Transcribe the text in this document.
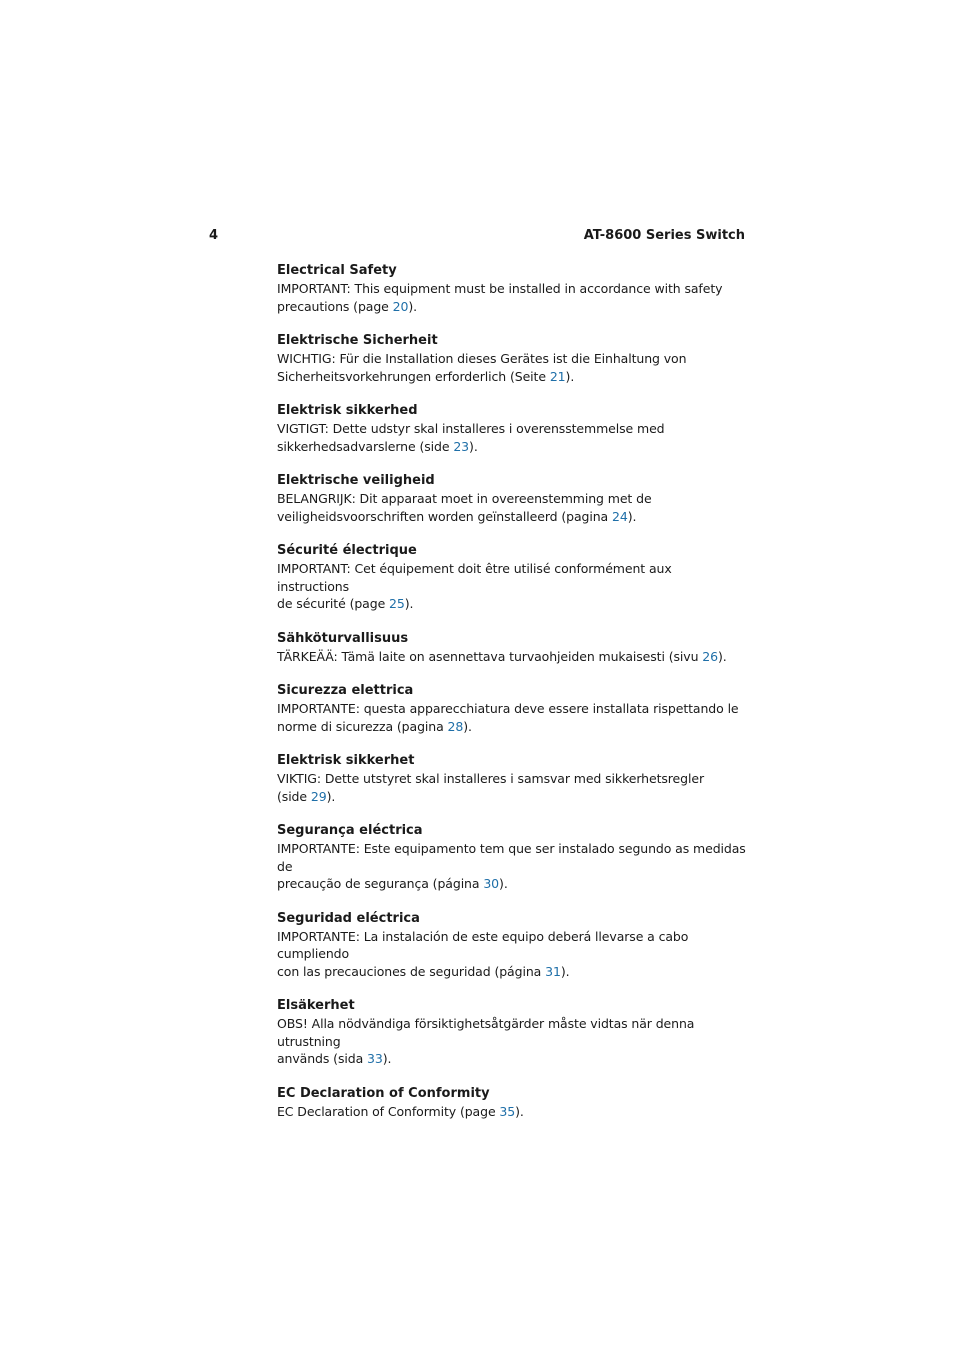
4	AT-8600 Series Switch
Electrical Safety
IMPORTANT: This equipment must be installed in accordance with safety
precautions (page 20).
Elektrische Sicherheit
WICHTIG: Für die Installation dieses Gerätes ist die Einhaltung von
Sicherheitsvorkehrungen erforderlich (Seite 21).
Elektrisk sikkerhed
VIGTIGT: Dette udstyr skal installeres i overensstemmelse med
sikkerhedsadvarslerne (side 23).
Elektrische veiligheid
BELANGRIJK: Dit apparaat moet in overeenstemming met de
veiligheidsvoorschriften worden geïnstalleerd (pagina 24).
Sécurité électrique
IMPORTANT: Cet équipement doit être utilisé conformément aux instructions
de sécurité (page 25).
Sähköturvallisuus
TÄRKEÄÄ: Tämä laite on asennettava turvaohjeiden mukaisesti (sivu 26).
Sicurezza elettrica
IMPORTANTE: questa apparecchiatura deve essere installata rispettando le
norme di sicurezza (pagina 28).
Elektrisk sikkerhet
VIKTIG: Dette utstyret skal installeres i samsvar med sikkerhetsregler
(side 29).
Segurança eléctrica
IMPORTANTE: Este equipamento tem que ser instalado segundo as medidas de
precaução de segurança (página 30).
Seguridad eléctrica
IMPORTANTE: La instalación de este equipo deberá llevarse a cabo cumpliendo
con las precauciones de seguridad (página 31).
Elsäkerhet
OBS! Alla nödvändiga försiktighetsåtgärder måste vidtas när denna utrustning
används (sida 33).
EC Declaration of Conformity
EC Declaration of Conformity (page 35).
